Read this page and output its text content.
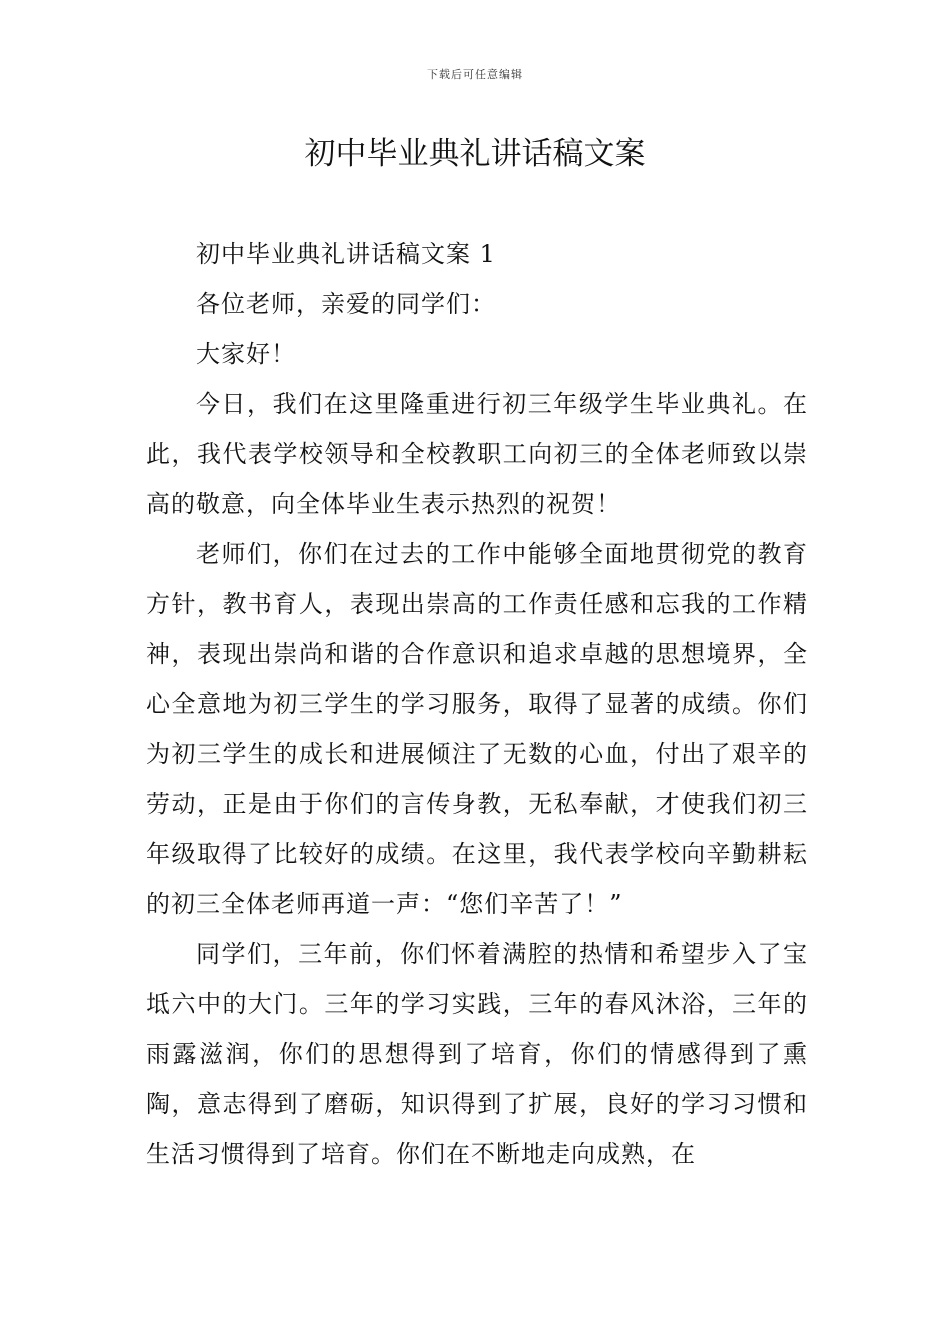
下载后可任意编辑
初中毕业典礼讲话稿文案

初中毕业典礼讲话稿文案 1

各位老师，亲爱的同学们：

大家好！

今日，我们在这里隆重进行初三年级学生毕业典礼。在此，我代表学校领导和全校教职工向初三的全体老师致以崇高的敬意，向全体毕业生表示热烈的祝贺！

老师们，你们在过去的工作中能够全面地贯彻党的教育方针，教书育人，表现出崇高的工作责任感和忘我的工作精神，表现出崇尚和谐的合作意识和追求卓越的思想境界，全心全意地为初三学生的学习服务，取得了显著的成绩。你们为初三学生的成长和进展倾注了无数的心血，付出了艰辛的劳动，正是由于你们的言传身教，无私奉献，才使我们初三年级取得了比较好的成绩。在这里，我代表学校向辛勤耕耘的初三全体老师再道一声：“您们辛苦了！”

同学们，三年前，你们怀着满腔的热情和希望步入了宝坻六中的大门。三年的学习实践，三年的春风沐浴，三年的雨露滋润，你们的思想得到了培育，你们的情感得到了熏陶，意志得到了磨砺，知识得到了扩展，良好的学习习惯和生活习惯得到了培育。你们在不断地走向成熟，在
